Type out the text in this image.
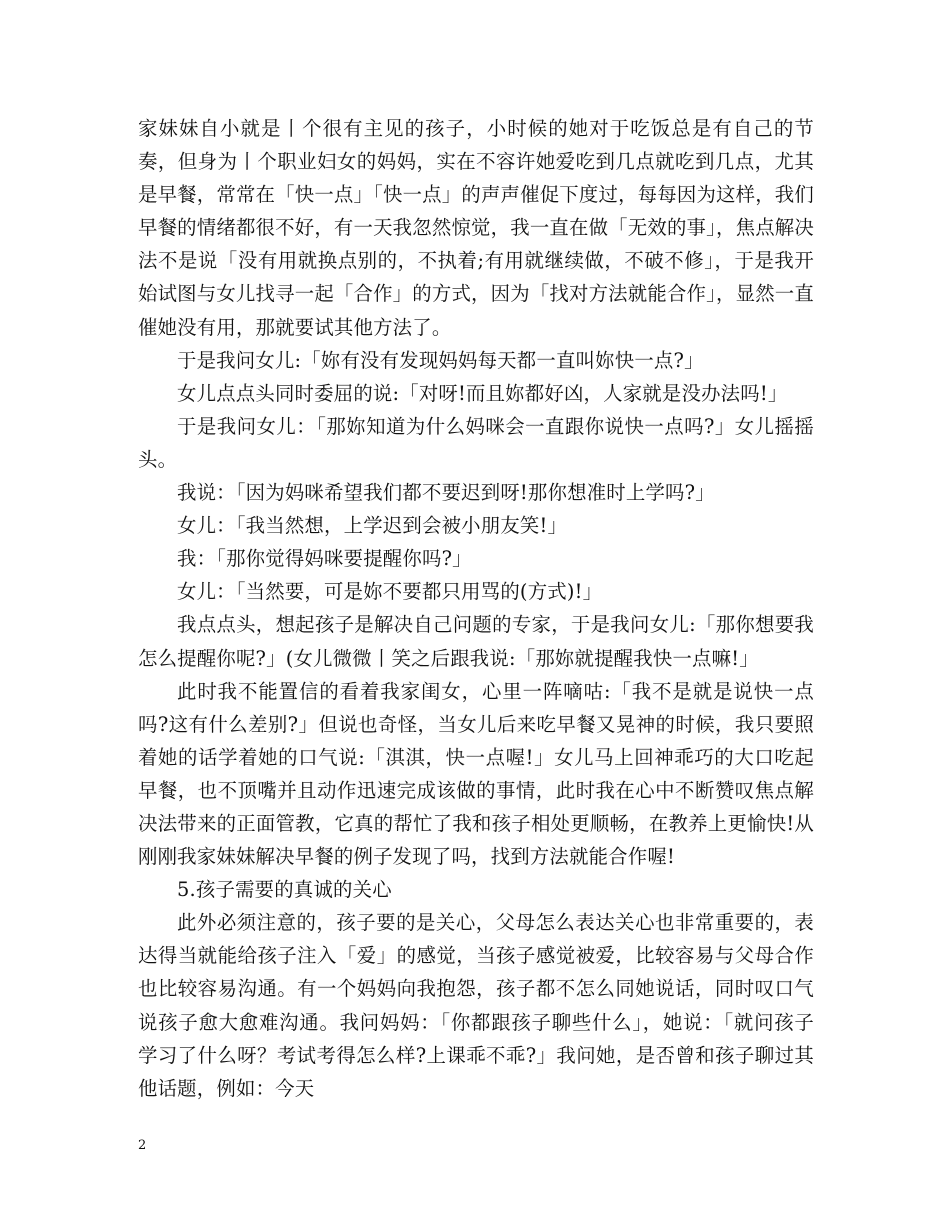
家妹妹自小就是丨个很有主见的孩子，小时候的她对于吃饭总是有自己的节奏，但身为丨个职业妇女的妈妈，实在不容许她爱吃到几点就吃到几点，尤其是早餐，常常在「快一点」「快一点」的声声催促下度过，每每因为这样，我们早餐的情绪都很不好，有一天我忽然惊觉，我一直在做「无效的事」，焦点解决法不是说「没有用就换点别的，不执着;有用就继续做，不破不修」，于是我开始试图与女儿找寻一起「合作」的方式，因为「找对方法就能合作」，显然一直催她没有用，那就要试其他方法了。

于是我问女儿:「妳有没有发现妈妈每天都一直叫妳快一点?」

女儿点点头同时委屈的说:「对呀!而且妳都好凶，人家就是没办法吗!」

于是我问女儿：「那妳知道为什么妈咪会一直跟你说快一点吗?」女儿摇摇头。

我说：「因为妈咪希望我们都不要迟到呀!那你想准时上学吗?」

女儿：「我当然想，上学迟到会被小朋友笑!」

我：「那你觉得妈咪要提醒你吗?」

女儿：「当然要，可是妳不要都只用骂的(方式)!」

我点点头，想起孩子是解决自己问题的专家，于是我问女儿:「那你想要我怎么提醒你呢?」(女儿微微丨笑之后跟我说:「那妳就提醒我快一点嘛!」

此时我不能置信的看着我家闺女，心里一阵嘀咕:「我不是就是说快一点吗?这有什么差别?」但说也奇怪，当女儿后来吃早餐又晃神的时候，我只要照着她的话学着她的口气说:「淇淇，快一点喔!」女儿马上回神乖巧的大口吃起早餐，也不顶嘴并且动作迅速完成该做的事情，此时我在心中不断赞叹焦点解决法带来的正面管教，它真的帮忙了我和孩子相处更顺畅，在教养上更愉快!从刚刚我家妹妹解决早餐的例子发现了吗，找到方法就能合作喔!

5.孩子需要的真诚的关心

此外必须注意的，孩子要的是关心，父母怎么表达关心也非常重要的，表达得当就能给孩子注入「爱」的感觉，当孩子感觉被爱，比较容易与父母合作也比较容易沟通。有一个妈妈向我抱怨，孩子都不怎么同她说话，同时叹口气说孩子愈大愈难沟通。我问妈妈：「你都跟孩子聊些什么」，她说：「就问孩子学习了什么呀？考试考得怎么样?上课乖不乖?」我问她，是否曾和孩子聊过其他话题，例如：今天

2
